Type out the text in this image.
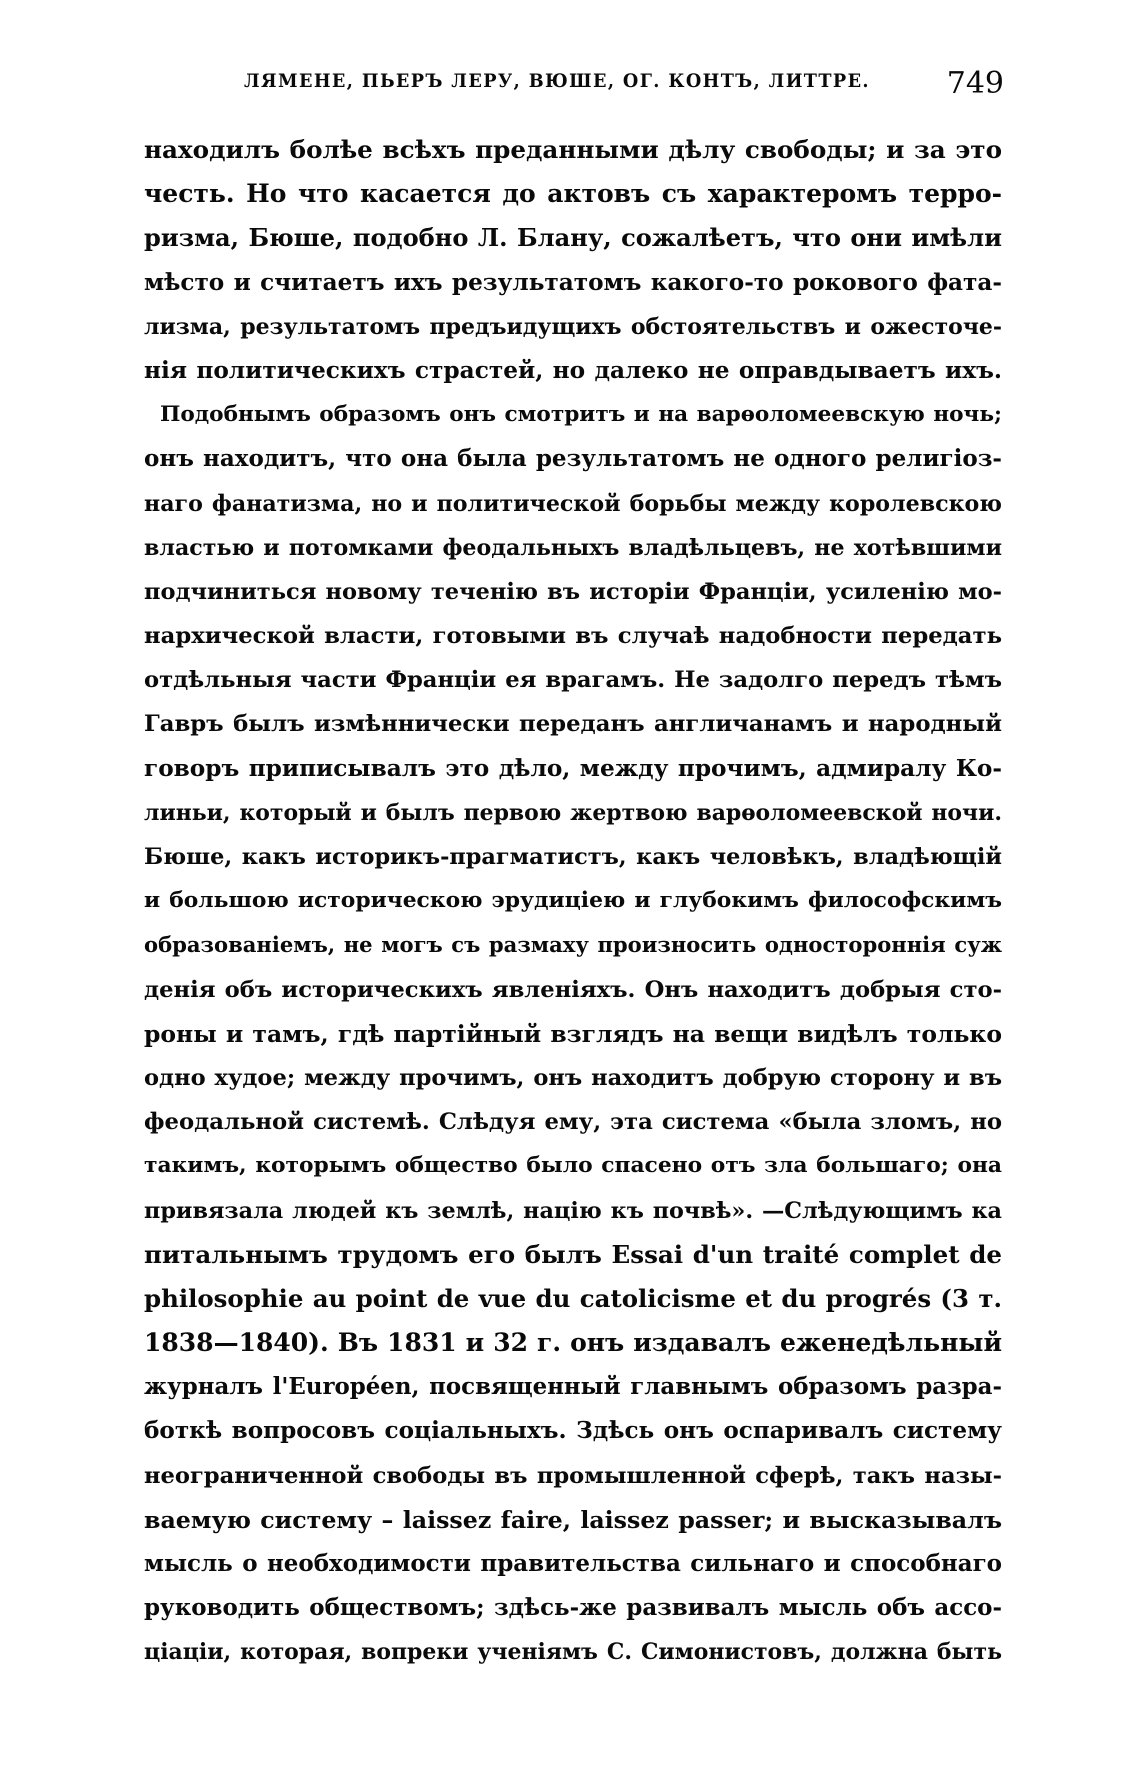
ЛЯМЕНЕ, ПЬЕРЪ ЛЕРУ, ВЮШЕ, ОГ. КОНТЪ, ЛИТТРЕ.	749
находилъ болѣе всѣхъ преданными дѣлу свободы; и за это
честь. Но что касается до актовъ съ характеромъ терро-
ризма, Бюше, подобно Л. Блану, сожалѣетъ, что они имѣли
мѣсто и считаетъ ихъ результатомъ какого-то рокового фата-
лизма, результатомъ предъидущихъ обстоятельствъ и ожесточе-
нія политическихъ страстей, но далеко не оправдываетъ ихъ.
Подобнымъ образомъ онъ смотритъ и на варѳоломеевскую ночь;
онъ находитъ, что она была результатомъ не одного религіоз-
наго фанатизма, но и политической борьбы между королевскою
властью и потомками феодальныхъ владѣльцевъ, не хотѣвшими
подчиниться новому теченію въ исторіи Франціи, усиленію мо-
нархической власти, готовыми въ случаѣ надобности передать
отдѣльныя части Франціи ея врагамъ. Не задолго передъ тѣмъ
Гавръ былъ измѣннически переданъ англичанамъ и народный
говоръ приписывалъ это дѣло, между прочимъ, адмиралу Ко-
линьи, который и былъ первою жертвою варѳоломеевской ночи.
Бюше, какъ историкъ-прагматистъ, какъ человѣкъ, владѣющій
и большою историческою эрудиціею и глубокимъ философскимъ
образованіемъ, не могъ съ размаху произносить одностороннія суж
денія объ историческихъ явленіяхъ. Онъ находитъ добрыя сто-
роны и тамъ, гдѣ партійный взглядъ на вещи видѣлъ только
одно худое; между прочимъ, онъ находитъ добрую сторону и въ
феодальной системѣ. Слѣдуя ему, эта система «была зломъ, но
такимъ, которымъ общество было спасено отъ зла большаго; она
привязала людей къ землѣ, націю къ почвѣ». —Слѣдующимъ ка
питальнымъ трудомъ его былъ Essai d'un traité complet de
philosophie au point de vue du catolicisme et du progrés (3 т.
1838—1840). Въ 1831 и 32 г. онъ издавалъ еженедѣльный
журналъ l'Européen, посвященный главнымъ образомъ разра-
боткѣ вопросовъ соціальныхъ. Здѣсь онъ оспаривалъ систему
неограниченной свободы въ промышленной сферѣ, такъ назы-
ваемую систему – laissez faire, laissez passer; и высказывалъ
мысль о необходимости правительства сильнаго и способнаго
руководить обществомъ; здѣсь-же развивалъ мысль объ ассо-
ціаціи, которая, вопреки ученіямъ С. Симонистовъ, должна быть
